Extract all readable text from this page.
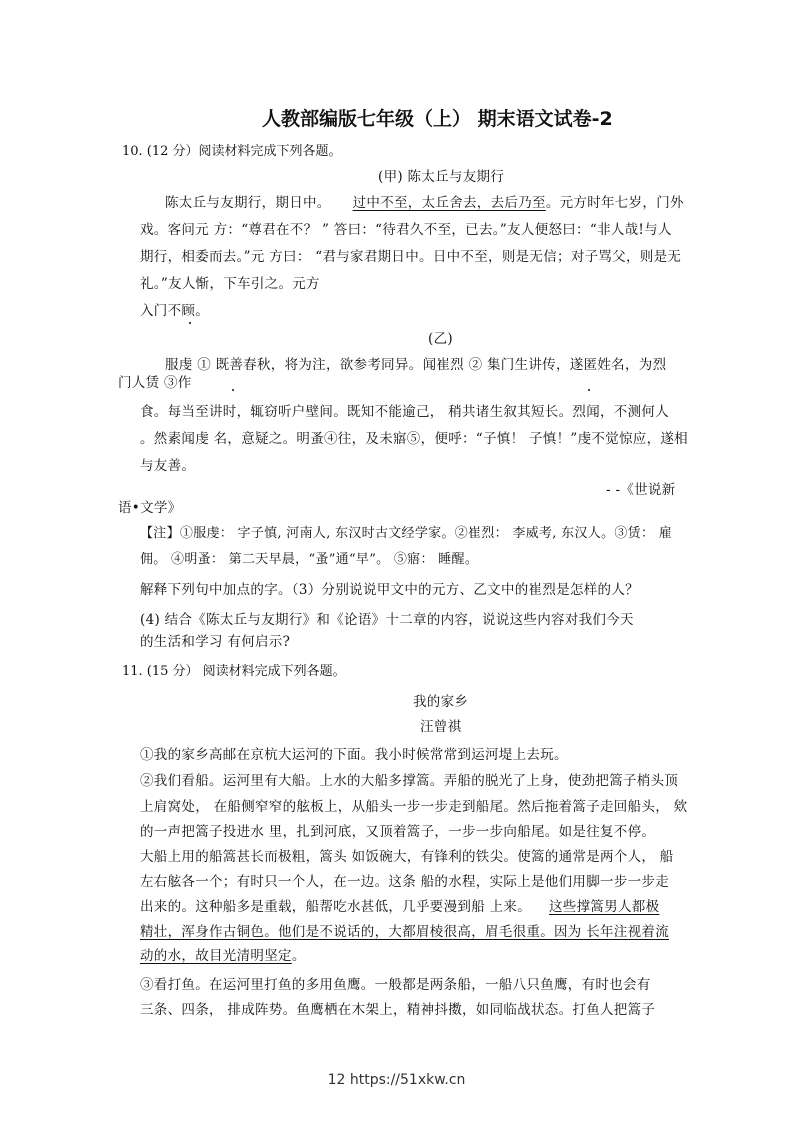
人教部编版七年级（上） 期末语文试卷-2
10. (12 分）阅读材料完成下列各题。
(甲) 陈太丘与友期行
陈太丘与友期行，期日中。 过中不至，太丘舍去，去后乃至。元方时年七岁，门外
戏。客问元 方：“尊君在不？ ” 答曰：“待君久不至，已去。”友人便怒曰：“非人哉!与人
期行，相委而去。”元 方曰： “君与家君期日中。日中不至，则是无信；对子骂父，则是无
礼。”友人惭，下车引之。元方
入门不顾。
(乙)
服虔 ① 既善春秋，将为注，欲参考同异。闻崔烈 ② 集门生讲传，遂匿姓名，为烈
门人赁 ③作
食。每当至讲时，辄窃听户壁间。既知不能逾己， 稍共诸生叙其短长。烈闻，不测何人
。然素闻虔 名，意疑之。明蚤④往，及未寤⑤，便呼：“子慎！ 子慎！”虔不觉惊应，遂相
与友善。
- -《世说新
语•文学》
【注】①服虔： 字子慎, 河南人, 东汉时古文经学家。②崔烈： 李威考, 东汉人。③赁： 雇
佣。 ④明蚤： 第二天早晨，“蚤”通“早”。 ⑤寤： 睡醒。
解释下列句中加点的字。（3）分别说说甲文中的元方、乙文中的崔烈是怎样的人？
(4) 结合《陈太丘与友期行》和《论语》十二章的内容，说说这些内容对我们今天
的生活和学习 有何启示?
11. (15 分） 阅读材料完成下列各题。
我的家乡
汪曾祺
①我的家乡高邮在京杭大运河的下面。我小时候常常到运河堤上去玩。
②我们看船。运河里有大船。上水的大船多撑篙。弄船的脱光了上身，使劲把篙子梢头顶
上肩窝处， 在船侧窄窄的舷板上，从船头一步一步走到船尾。然后拖着篙子走回船头， 欸
的一声把篙子投进水 里，扎到河底，又顶着篙子，一步一步向船尾。如是往复不停。
大船上用的船篙甚长而极粗，篙头 如饭碗大，有锋利的铁尖。使篙的通常是两个人， 船
左右舷各一个；有时只一个人，在一边。这条 船的水程，实际上是他们用脚一步一步走
出来的。这种船多是重载，船帮吃水甚低，几乎要漫到船 上来。 这些撑篙男人都极
精壮，浑身作古铜色。他们是不说话的，大都眉棱很高，眉毛很重。因为 长年注视着流
动的水，故目光清明坚定。
③看打鱼。在运河里打鱼的多用鱼鹰。一般都是两条船，一船八只鱼鹰，有时也会有
三条、四条， 排成阵势。鱼鹰栖在木架上，精神抖擞，如同临战状态。打鱼人把篙子
12 https://51xkw.cn
